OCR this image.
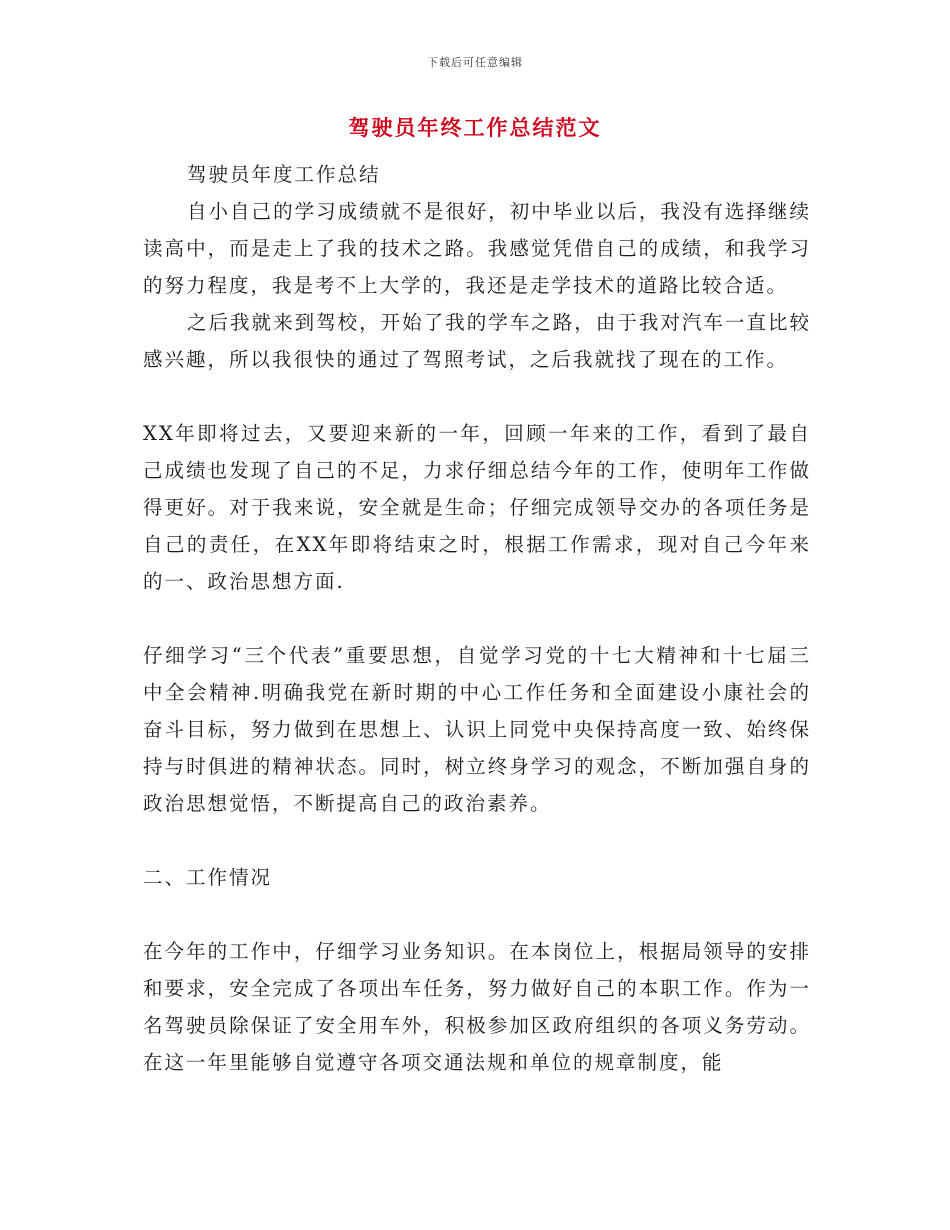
下载后可任意编辑
驾驶员年终工作总结范文

驾驶员年度工作总结

自小自己的学习成绩就不是很好，初中毕业以后，我没有选择继续读高中，而是走上了我的技术之路。我感觉凭借自己的成绩，和我学习的努力程度，我是考不上大学的，我还是走学技术的道路比较合适。

之后我就来到驾校，开始了我的学车之路，由于我对汽车一直比较感兴趣，所以我很快的通过了驾照考试，之后我就找了现在的工作。

XX年即将过去，又要迎来新的一年，回顾一年来的工作，看到了最自己成绩也发现了自己的不足，力求仔细总结今年的工作，使明年工作做得更好。对于我来说，安全就是生命；仔细完成领导交办的各项任务是自己的责任，在XX年即将结束之时，根据工作需求，现对自己今年来的一、政治思想方面.

仔细学习“三个代表”重要思想，自觉学习党的十七大精神和十七届三中全会精神.明确我党在新时期的中心工作任务和全面建设小康社会的奋斗目标，努力做到在思想上、认识上同党中央保持高度一致、始终保持与时俱进的精神状态。同时，树立终身学习的观念，不断加强自身的政治思想觉悟，不断提高自己的政治素养。

二、工作情况

在今年的工作中，仔细学习业务知识。在本岗位上，根据局领导的安排和要求，安全完成了各项出车任务，努力做好自己的本职工作。作为一名驾驶员除保证了安全用车外，积极参加区政府组织的各项义务劳动。在这一年里能够自觉遵守各项交通法规和单位的规章制度，能
